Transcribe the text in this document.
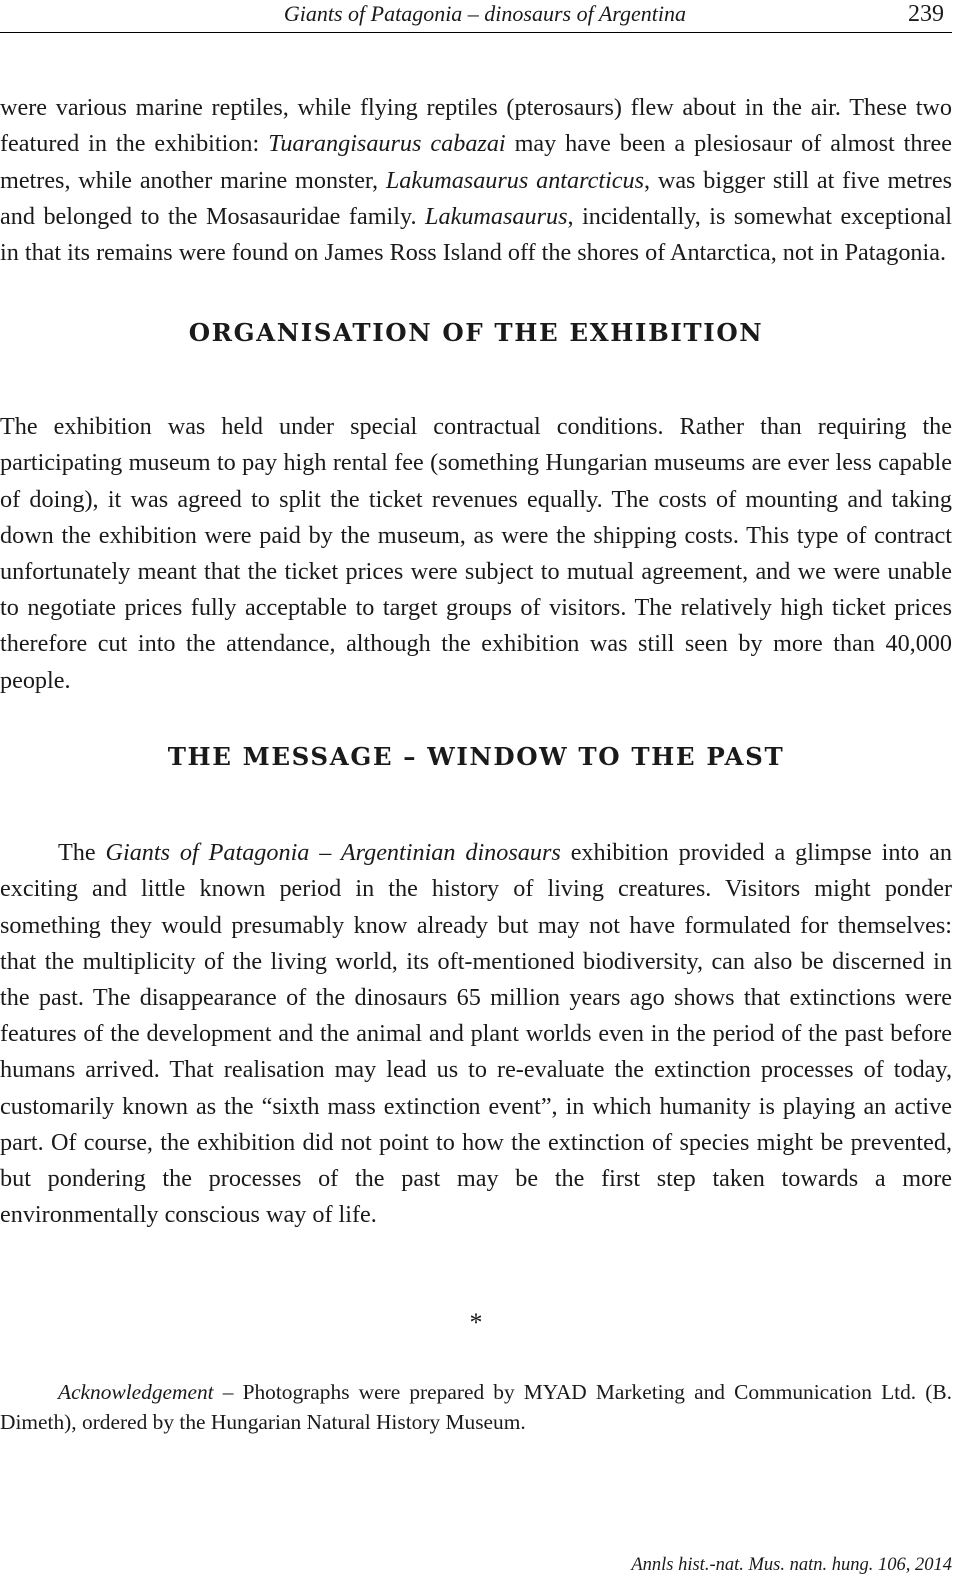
Giants of Patagonia – dinosaurs of Argentina	239

were various marine reptiles, while flying reptiles (pterosaurs) flew about in the air. These two featured in the exhibition: Tuarangisaurus cabazai may have been a plesiosaur of almost three metres, while another marine monster, Lakumasaurus antarcticus, was bigger still at five metres and belonged to the Mosasauridae family. Lakumasaurus, incidentally, is somewhat exceptional in that its remains were found on James Ross Island off the shores of Antarctica, not in Patagonia.

ORGANISATION OF THE EXHIBITION

The exhibition was held under special contractual conditions. Rather than requiring the participating museum to pay high rental fee (something Hungarian museums are ever less capable of doing), it was agreed to split the ticket revenues equally. The costs of mounting and taking down the exhibition were paid by the museum, as were the shipping costs. This type of contract unfortunately meant that the ticket prices were subject to mutual agreement, and we were unable to negotiate prices fully acceptable to target groups of visitors. The relatively high ticket prices therefore cut into the attendance, although the exhibition was still seen by more than 40,000 people.

THE MESSAGE – WINDOW TO THE PAST

The Giants of Patagonia – Argentinian dinosaurs exhibition provided a glimpse into an exciting and little known period in the history of living creatures. Visitors might ponder something they would presumably know already but may not have formulated for themselves: that the multiplicity of the living world, its oft-mentioned biodiversity, can also be discerned in the past. The disappearance of the dinosaurs 65 million years ago shows that extinctions were features of the development and the animal and plant worlds even in the period of the past before humans arrived. That realisation may lead us to re-evaluate the extinction processes of today, customarily known as the “sixth mass extinction event”, in which humanity is playing an active part. Of course, the exhibition did not point to how the extinction of species might be prevented, but pondering the processes of the past may be the first step taken towards a more environmentally conscious way of life.

*

Acknowledgement – Photographs were prepared by MYAD Marketing and Communication Ltd. (B. Dimeth), ordered by the Hungarian Natural History Museum.

Annls hist.-nat. Mus. natn. hung. 106, 2014
